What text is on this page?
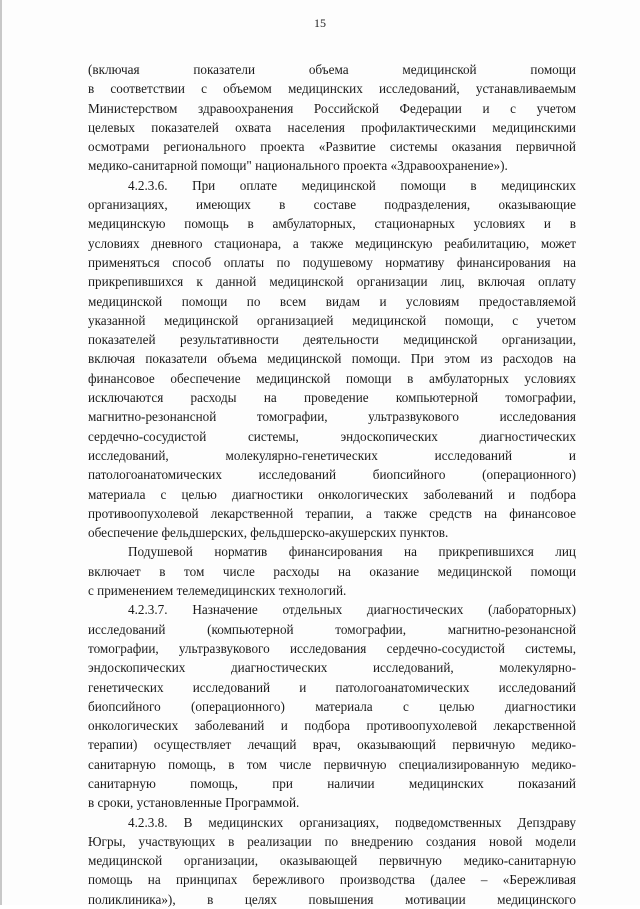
15
(включая показатели объема медицинской помощи
в соответствии с объемом медицинских исследований, устанавливаемым
Министерством здравоохранения Российской Федерации и с учетом
целевых показателей охвата населения профилактическими медицинскими
осмотрами регионального проекта «Развитие системы оказания первичной
медико-санитарной помощи" национального проекта «Здравоохранение»).
4.2.3.6. При оплате медицинской помощи в медицинских
организациях, имеющих в составе подразделения, оказывающие
медицинскую помощь в амбулаторных, стационарных условиях и в
условиях дневного стационара, а также медицинскую реабилитацию, может
применяться способ оплаты по подушевому нормативу финансирования на
прикрепившихся к данной медицинской организации лиц, включая оплату
медицинской помощи по всем видам и условиям предоставляемой
указанной медицинской организацией медицинской помощи, с учетом
показателей результативности деятельности медицинской организации,
включая показатели объема медицинской помощи. При этом из расходов на
финансовое обеспечение медицинской помощи в амбулаторных условиях
исключаются расходы на проведение компьютерной томографии,
магнитно-резонансной томографии, ультразвукового исследования
сердечно-сосудистой системы, эндоскопических диагностических
исследований, молекулярно-генетических исследований и
патологоанатомических исследований биопсийного (операционного)
материала с целью диагностики онкологических заболеваний и подбора
противоопухолевой лекарственной терапии, а также средств на финансовое
обеспечение фельдшерских, фельдшерско-акушерских пунктов.
Подушевой норматив финансирования на прикрепившихся лиц
включает в том числе расходы на оказание медицинской помощи
с применением телемедицинских технологий.
4.2.3.7. Назначение отдельных диагностических (лабораторных)
исследований (компьютерной томографии, магнитно-резонансной
томографии, ультразвукового исследования сердечно-сосудистой системы,
эндоскопических диагностических исследований, молекулярно-
генетических исследований и патологоанатомических исследований
биопсийного (операционного) материала с целью диагностики
онкологических заболеваний и подбора противоопухолевой лекарственной
терапии) осуществляет лечащий врач, оказывающий первичную медико-
санитарную помощь, в том числе первичную специализированную медико-
санитарную помощь, при наличии медицинских показаний
в сроки, установленные Программой.
4.2.3.8. В медицинских организациях, подведомственных Депздраву
Югры, участвующих в реализации по внедрению создания новой модели
медицинской организации, оказывающей первичную медико-санитарную
помощь на принципах бережливого производства (далее – «Бережливая
поликлиника»), в целях повышения мотивации медицинского
